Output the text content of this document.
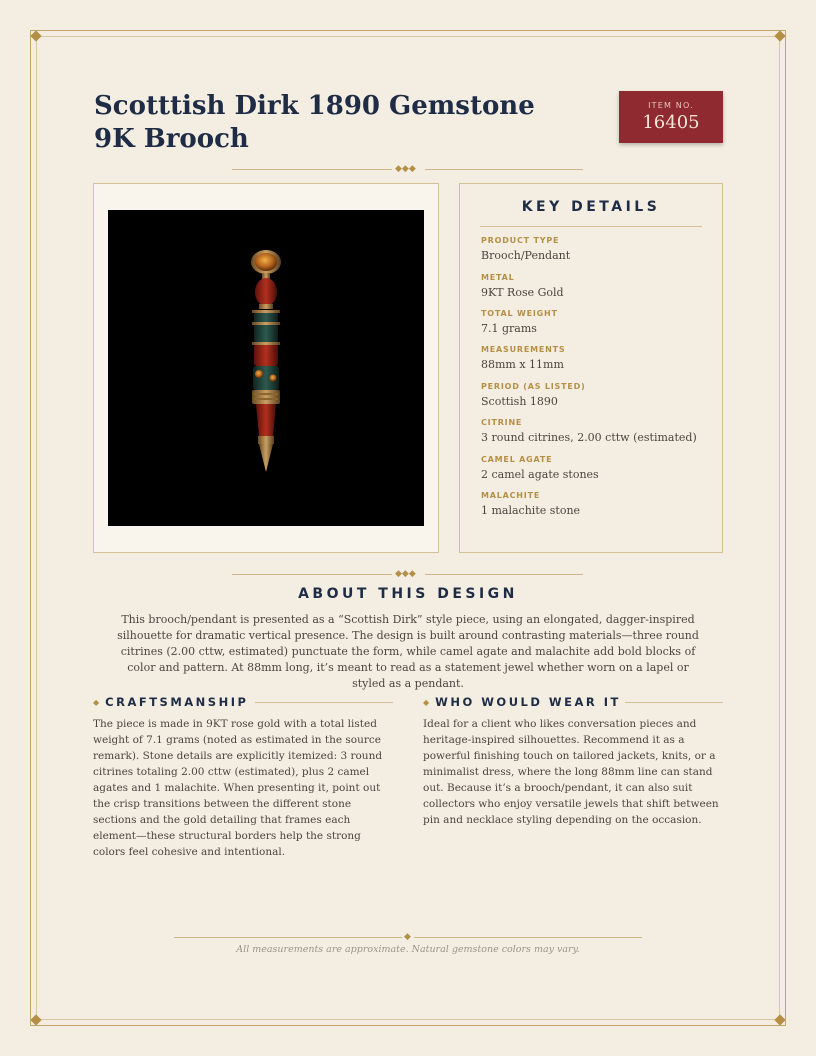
Scotttish Dirk 1890 Gemstone 9K Brooch
ITEM NO.
16405
◆◆◆
KEY DETAILS
PRODUCT TYPE
Brooch/Pendant
METAL
9KT Rose Gold
TOTAL WEIGHT
7.1 grams
MEASUREMENTS
88mm x 11mm
PERIOD (AS LISTED)
Scottish 1890
CITRINE
3 round citrines, 2.00 cttw (estimated)
CAMEL AGATE
2 camel agate stones
MALACHITE
1 malachite stone
◆◆◆
ABOUT THIS DESIGN

This brooch/pendant is presented as a “Scottish Dirk” style piece, using an elongated, dagger-inspired silhouette for dramatic vertical presence. The design is built around contrasting materials—three round citrines (2.00 cttw, estimated) punctuate the form, while camel agate and malachite add bold blocks of color and pattern. At 88mm long, it’s meant to read as a statement jewel whether worn on a lapel or styled as a pendant.

◆ CRAFTSMANSHIP

The piece is made in 9KT rose gold with a total listed weight of 7.1 grams (noted as estimated in the source remark). Stone details are explicitly itemized: 3 round citrines totaling 2.00 cttw (estimated), plus 2 camel agates and 1 malachite. When presenting it, point out the crisp transitions between the different stone sections and the gold detailing that frames each element—these structural borders help the strong colors feel cohesive and intentional.

◆ WHO WOULD WEAR IT

Ideal for a client who likes conversation pieces and heritage-inspired silhouettes. Recommend it as a powerful finishing touch on tailored jackets, knits, or a minimalist dress, where the long 88mm line can stand out. Because it’s a brooch/pendant, it can also suit collectors who enjoy versatile jewels that shift between pin and necklace styling depending on the occasion.

◆
All measurements are approximate. Natural gemstone colors may vary.
